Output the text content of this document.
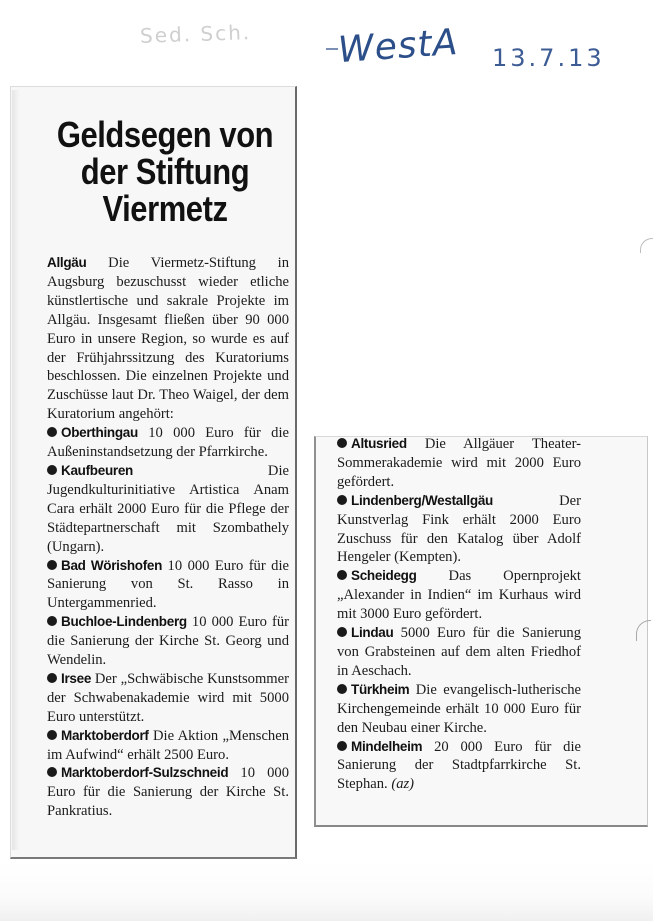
Sed. Sch. WestA 13.7.13
Geldsegen von der Stiftung Viermetz

Allgäu Die Viermetz-Stiftung in Augsburg bezuschusst wieder etliche künstlertische und sakrale Projekte im Allgäu. Insgesamt fließen über 90 000 Euro in unsere Region, so wurde es auf der Frühjahrssitzung des Kuratoriums beschlossen. Die einzelnen Projekte und Zuschüsse laut Dr. Theo Waigel, der dem Kuratorium angehört:

Oberthingau 10 000 Euro für die Außeninstandsetzung der Pfarrkirche.

Kaufbeuren	Die Jugendkulturinitiative Artistica Anam Cara erhält 2000 Euro für die Pflege der Städtepartnerschaft mit Szombathely (Ungarn).

Bad Wörishofen 10 000 Euro für die Sanierung von St. Rasso in Untergammenried.

Buchloe-Lindenberg 10 000 Euro für die Sanierung der Kirche St. Georg und Wendelin.

Irsee Der „Schwäbische Kunstsommer der Schwabenakademie wird mit 5000 Euro unterstützt.

Marktoberdorf Die Aktion „Menschen im Aufwind“ erhält 2500 Euro.

Marktoberdorf-Sulzschneid 10 000 Euro für die Sanierung der Kirche St. Pankratius.

Altusried Die Allgäuer Theater-Sommerakademie wird mit 2000 Euro gefördert.

Lindenberg/Westallgäu	Der Kunstverlag Fink erhält 2000 Euro Zuschuss für den Katalog über Adolf Hengeler (Kempten).

Scheidegg Das Opernprojekt „Alexander in Indien“ im Kurhaus wird mit 3000 Euro gefördert.

Lindau 5000 Euro für die Sanierung von Grabsteinen auf dem alten Friedhof in Aeschach.

Türkheim Die evangelisch-lutherische Kirchengemeinde erhält 10 000 Euro für den Neubau einer Kirche.

Mindelheim 20 000 Euro für die Sanierung der Stadtpfarrkirche St. Stephan. (az)
